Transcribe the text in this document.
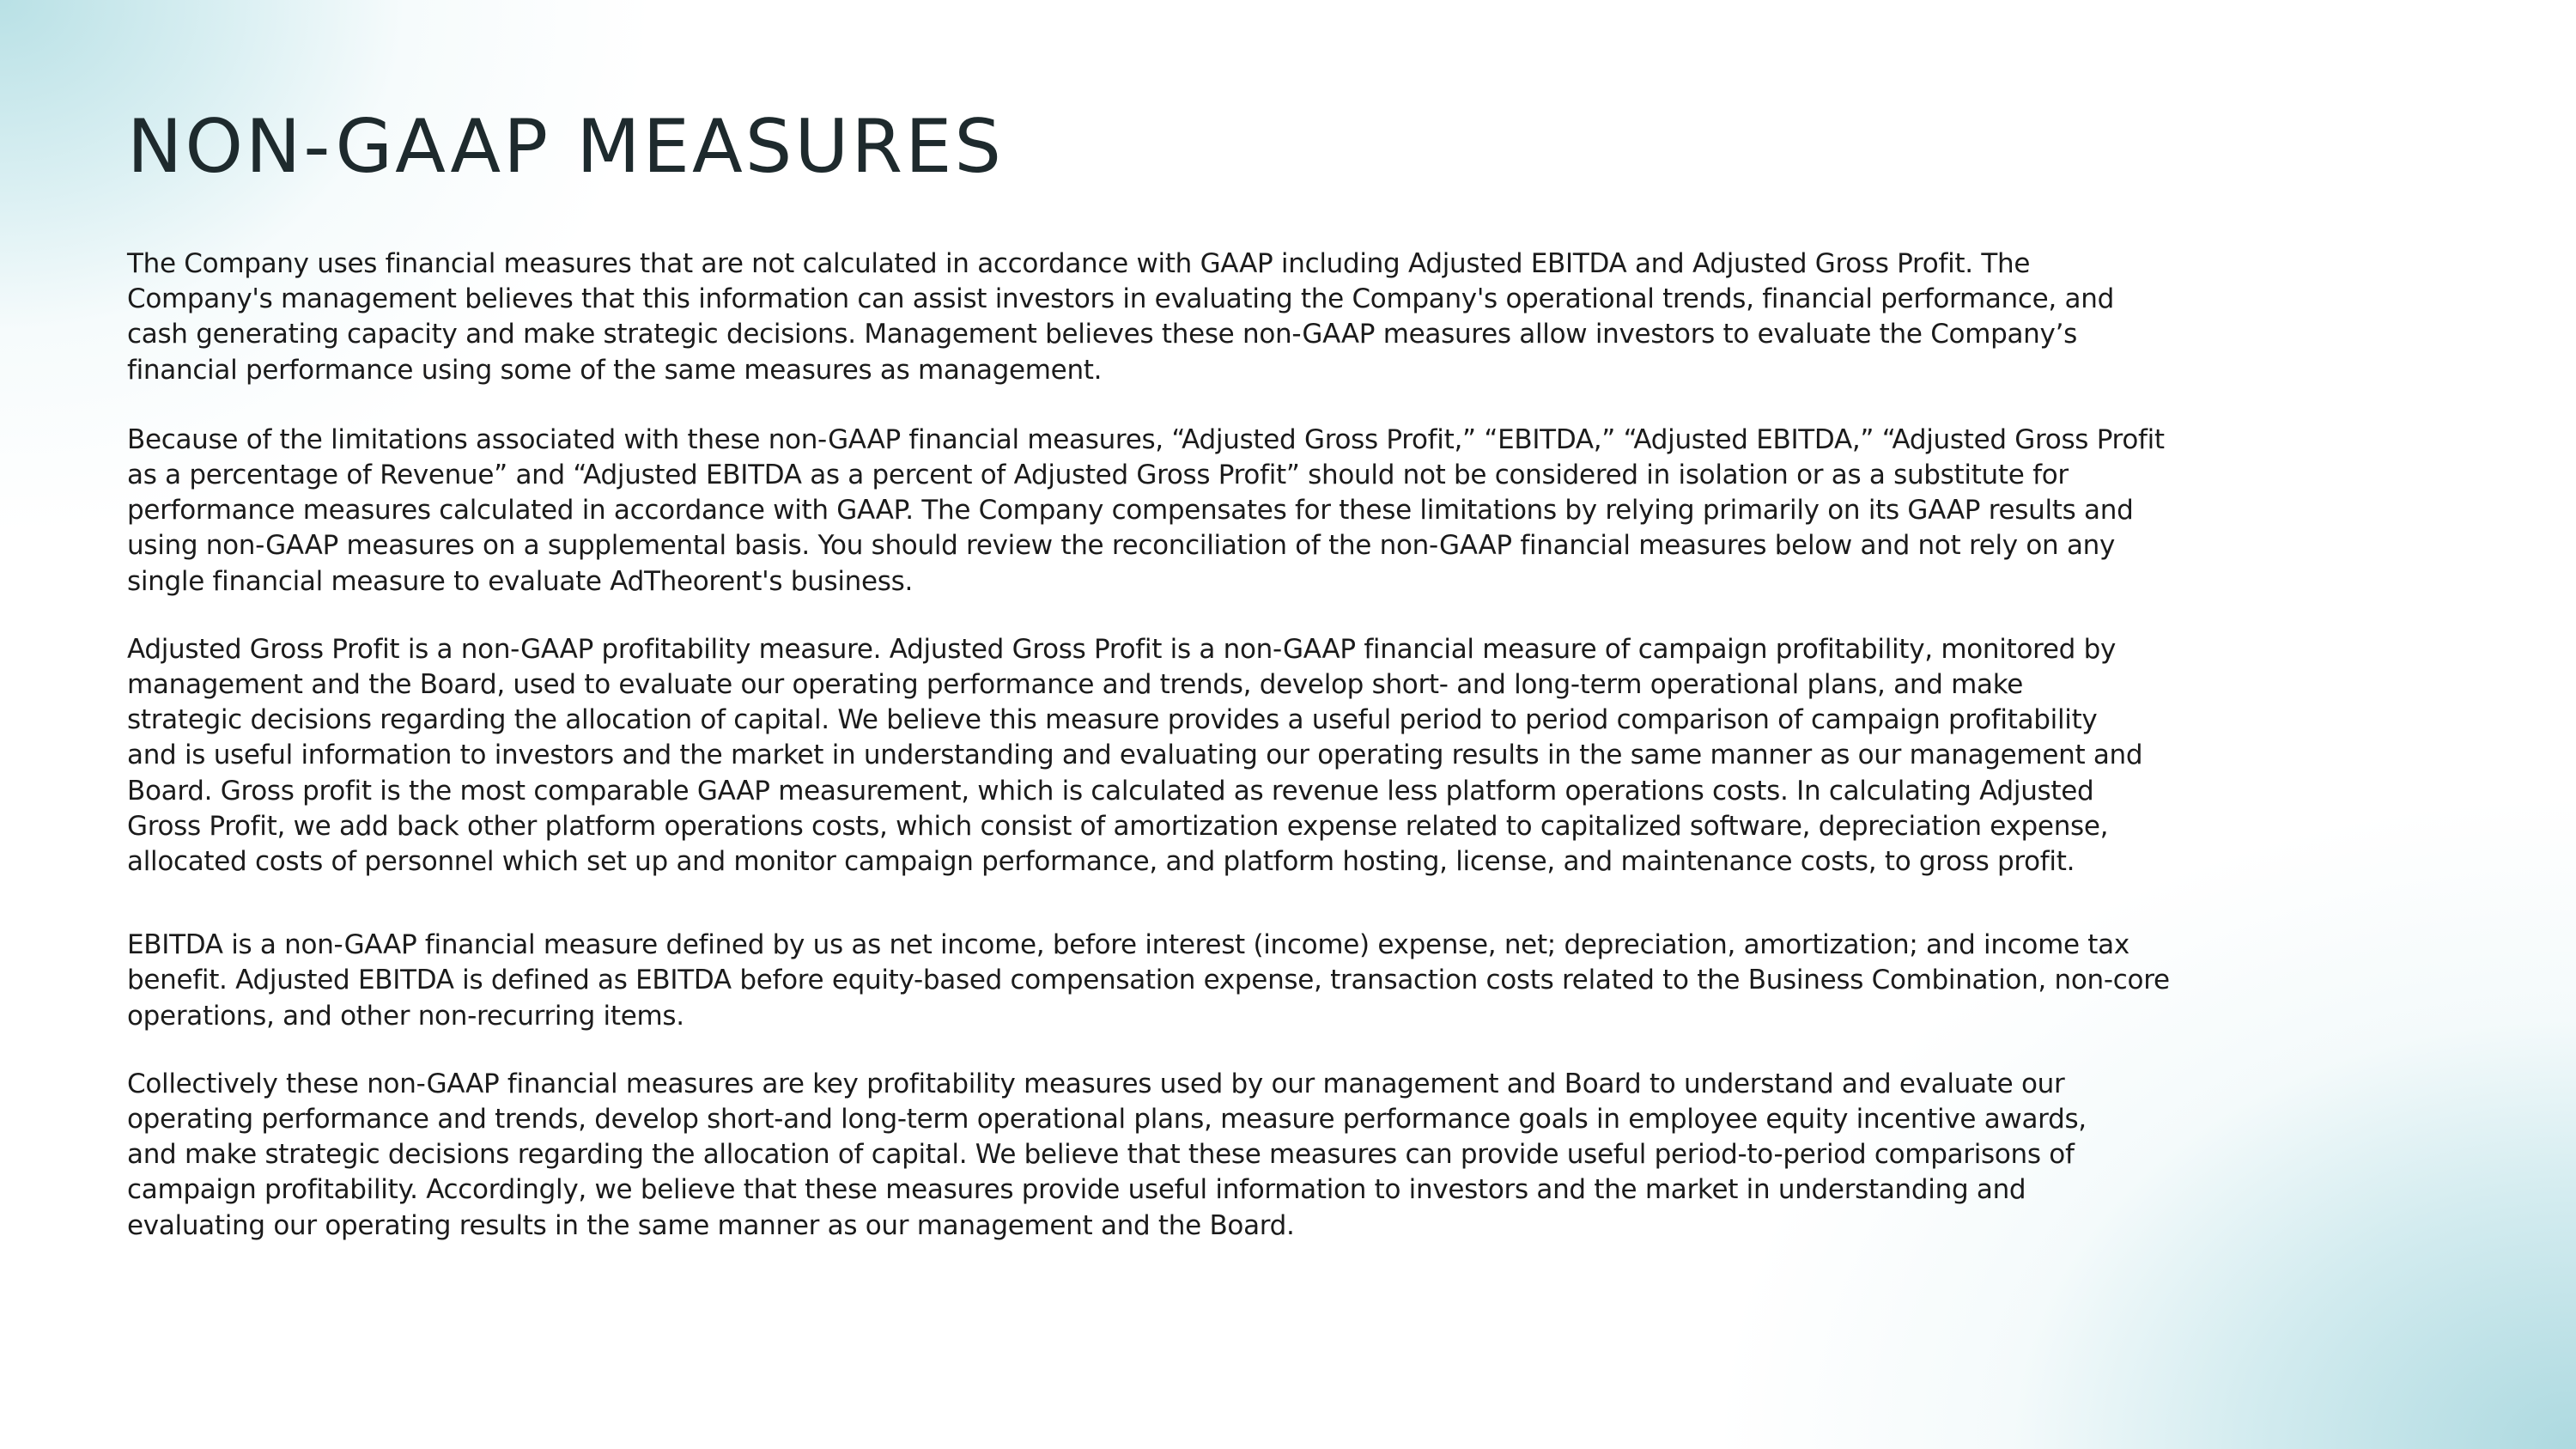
NON-GAAP MEASURES

The Company uses financial measures that are not calculated in accordance with GAAP including Adjusted EBITDA and Adjusted Gross Profit. The
Company's management believes that this information can assist investors in evaluating the Company's operational trends, financial performance, and
cash generating capacity and make strategic decisions. Management believes these non-GAAP measures allow investors to evaluate the Company’s
financial performance using some of the same measures as management.

Because of the limitations associated with these non-GAAP financial measures, “Adjusted Gross Profit,” “EBITDA,” “Adjusted EBITDA,” “Adjusted Gross Profit
as a percentage of Revenue” and “Adjusted EBITDA as a percent of Adjusted Gross Profit” should not be considered in isolation or as a substitute for
performance measures calculated in accordance with GAAP. The Company compensates for these limitations by relying primarily on its GAAP results and
using non-GAAP measures on a supplemental basis. You should review the reconciliation of the non-GAAP financial measures below and not rely on any
single financial measure to evaluate AdTheorent's business.

Adjusted Gross Profit is a non-GAAP profitability measure. Adjusted Gross Profit is a non-GAAP financial measure of campaign profitability, monitored by
management and the Board, used to evaluate our operating performance and trends, develop short- and long-term operational plans, and make
strategic decisions regarding the allocation of capital. We believe this measure provides a useful period to period comparison of campaign profitability
and is useful information to investors and the market in understanding and evaluating our operating results in the same manner as our management and
Board. Gross profit is the most comparable GAAP measurement, which is calculated as revenue less platform operations costs. In calculating Adjusted
Gross Profit, we add back other platform operations costs, which consist of amortization expense related to capitalized software, depreciation expense,
allocated costs of personnel which set up and monitor campaign performance, and platform hosting, license, and maintenance costs, to gross profit.

EBITDA is a non-GAAP financial measure defined by us as net income, before interest (income) expense, net; depreciation, amortization; and income tax
benefit. Adjusted EBITDA is defined as EBITDA before equity-based compensation expense, transaction costs related to the Business Combination, non-core
operations, and other non-recurring items.

Collectively these non-GAAP financial measures are key profitability measures used by our management and Board to understand and evaluate our
operating performance and trends, develop short-and long-term operational plans, measure performance goals in employee equity incentive awards,
and make strategic decisions regarding the allocation of capital. We believe that these measures can provide useful period-to-period comparisons of
campaign profitability. Accordingly, we believe that these measures provide useful information to investors and the market in understanding and
evaluating our operating results in the same manner as our management and the Board.
